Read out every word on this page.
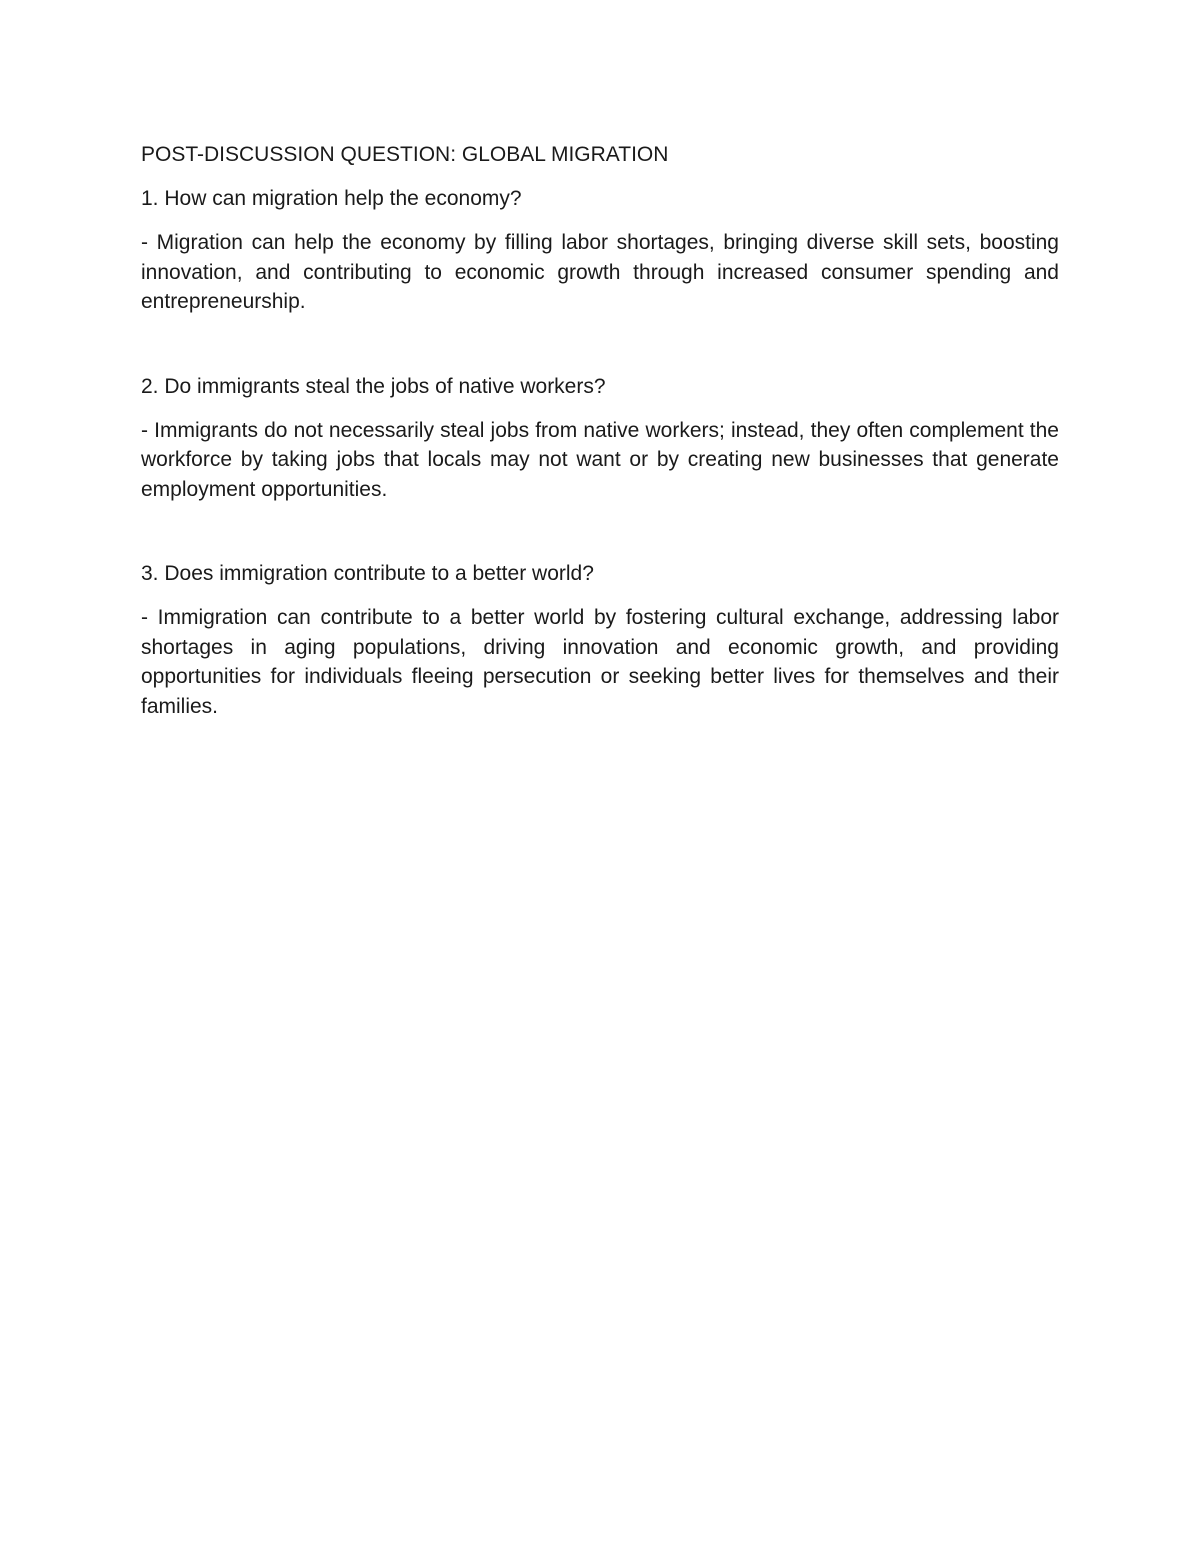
POST-DISCUSSION QUESTION: GLOBAL MIGRATION

1. How can migration help the economy?

- Migration can help the economy by filling labor shortages, bringing diverse skill sets, boosting innovation, and contributing to economic growth through increased consumer spending and entrepreneurship.

2. Do immigrants steal the jobs of native workers?

- Immigrants do not necessarily steal jobs from native workers; instead, they often complement the workforce by taking jobs that locals may not want or by creating new businesses that generate employment opportunities.

3. Does immigration contribute to a better world?

- Immigration can contribute to a better world by fostering cultural exchange, addressing labor shortages in aging populations, driving innovation and economic growth, and providing opportunities for individuals fleeing persecution or seeking better lives for themselves and their families.
